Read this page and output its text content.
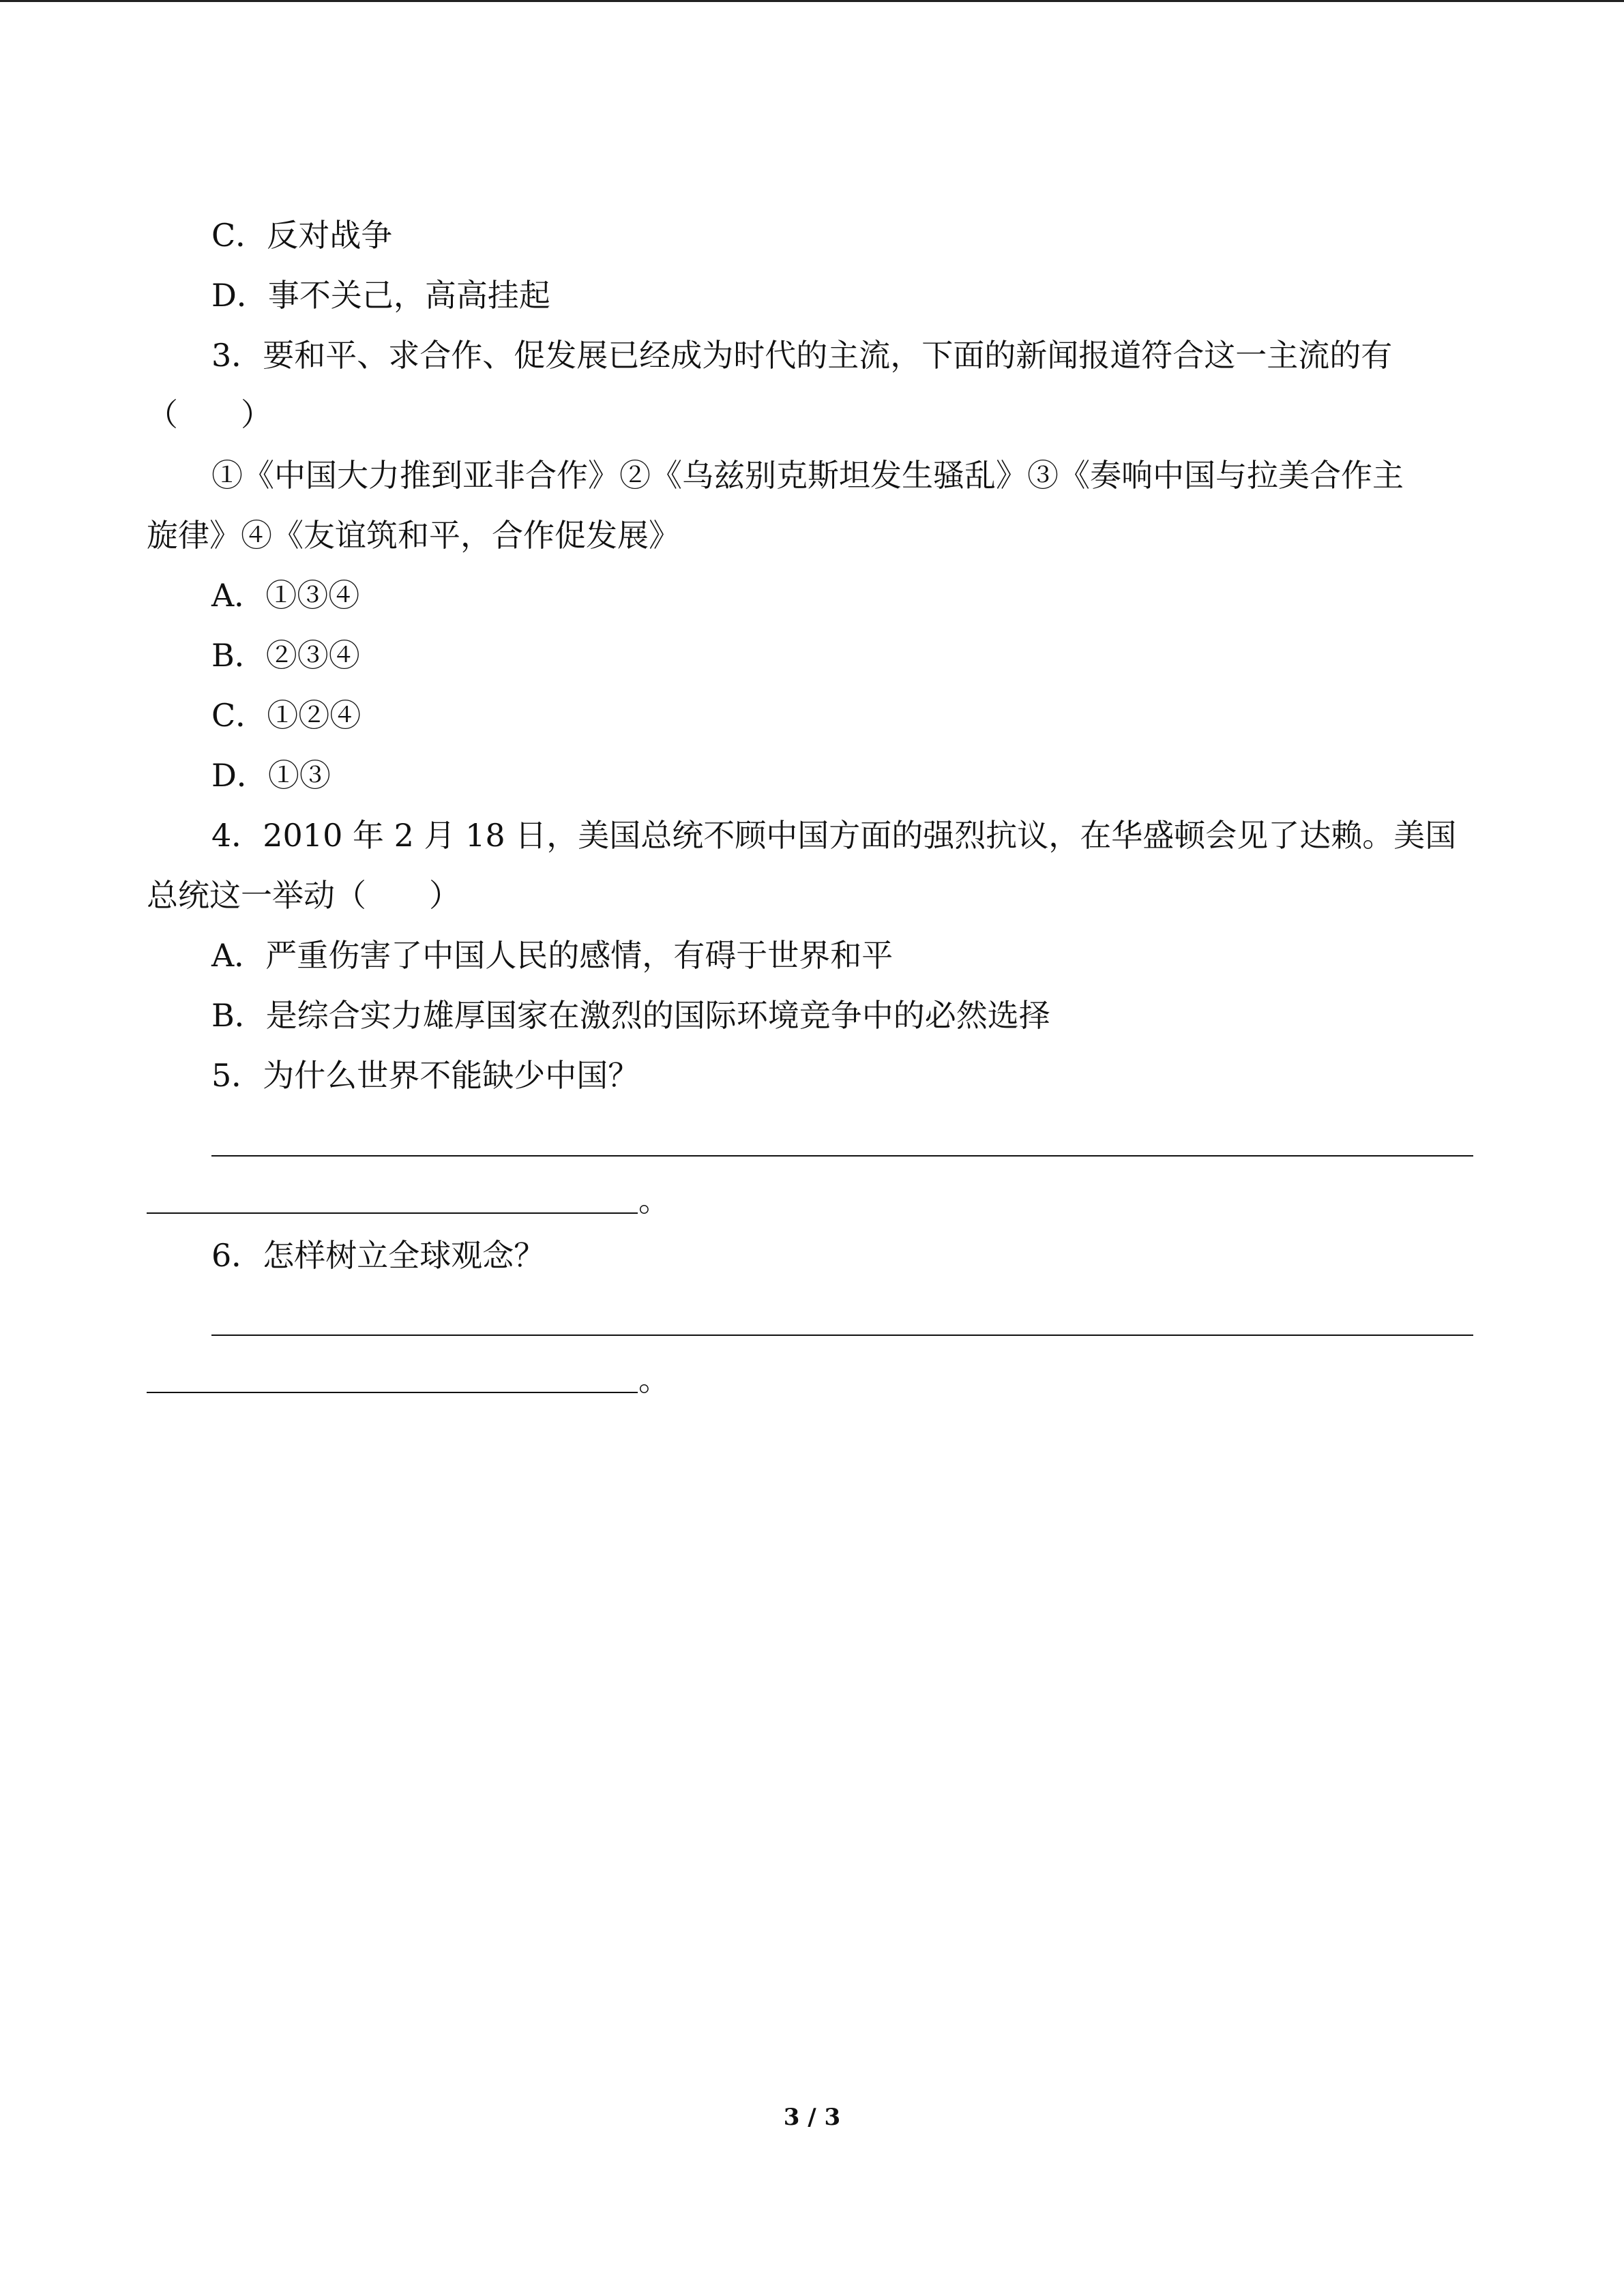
C．反对战争
D．事不关己，高高挂起
3．要和平、求合作、促发展已经成为时代的主流，下面的新闻报道符合这一主流的有
（　　）
①《中国大力推到亚非合作》②《乌兹别克斯坦发生骚乱》③《奏响中国与拉美合作主
旋律》④《友谊筑和平，合作促发展》
A．①③④
B．②③④
C．①②④
D．①③
4．2010 年 2 月 18 日，美国总统不顾中国方面的强烈抗议，在华盛顿会见了达赖。美国
总统这一举动（　　）
A．严重伤害了中国人民的感情，有碍于世界和平
B．是综合实力雄厚国家在激烈的国际环境竞争中的必然选择
5．为什么世界不能缺少中国？
。
6．怎样树立全球观念？
。
3 / 3
